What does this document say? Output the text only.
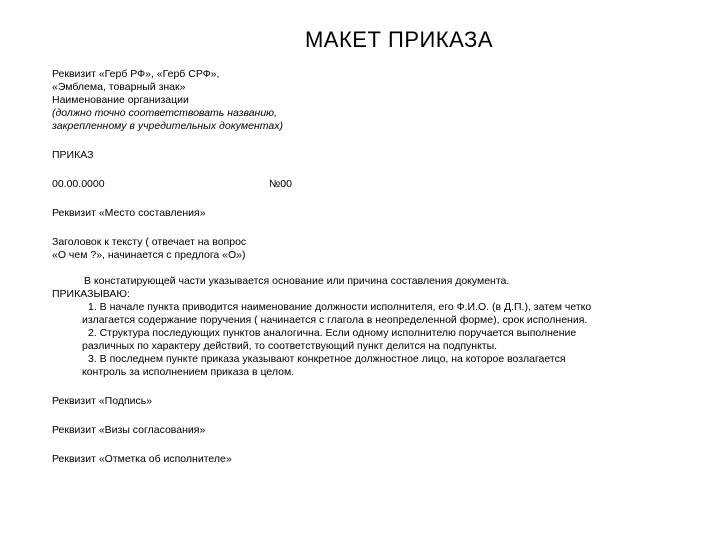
МАКЕТ ПРИКАЗА
Реквизит «Герб РФ», «Герб СРФ»,
«Эмблема, товарный знак»
Наименование организации
(должно точно соответствовать названию,
закрепленному в учредительных документах)
ПРИКАЗ
00.00.0000	№00
Реквизит «Место составления»
Заголовок к тексту ( отвечает на вопрос
«О чем ?», начинается с предлога «О»)
В констатирующей части указывается основание или причина составления документа.
ПРИКАЗЫВАЮ:
1. В начале пункта приводится наименование должности исполнителя, его Ф.И.О. (в Д.П.), затем четко
излагается содержание поручения ( начинается с глагола в неопределенной форме), срок исполнения.
2. Структура последующих пунктов аналогична. Если одному исполнителю поручается выполнение
различных по характеру действий, то соответствующий пункт делится на подпункты.
3. В последнем пункте приказа указывают конкретное должностное лицо, на которое возлагается
контроль за исполнением приказа в целом.
Реквизит «Подпись»
Реквизит «Визы согласования»
Реквизит «Отметка об исполнителе»
